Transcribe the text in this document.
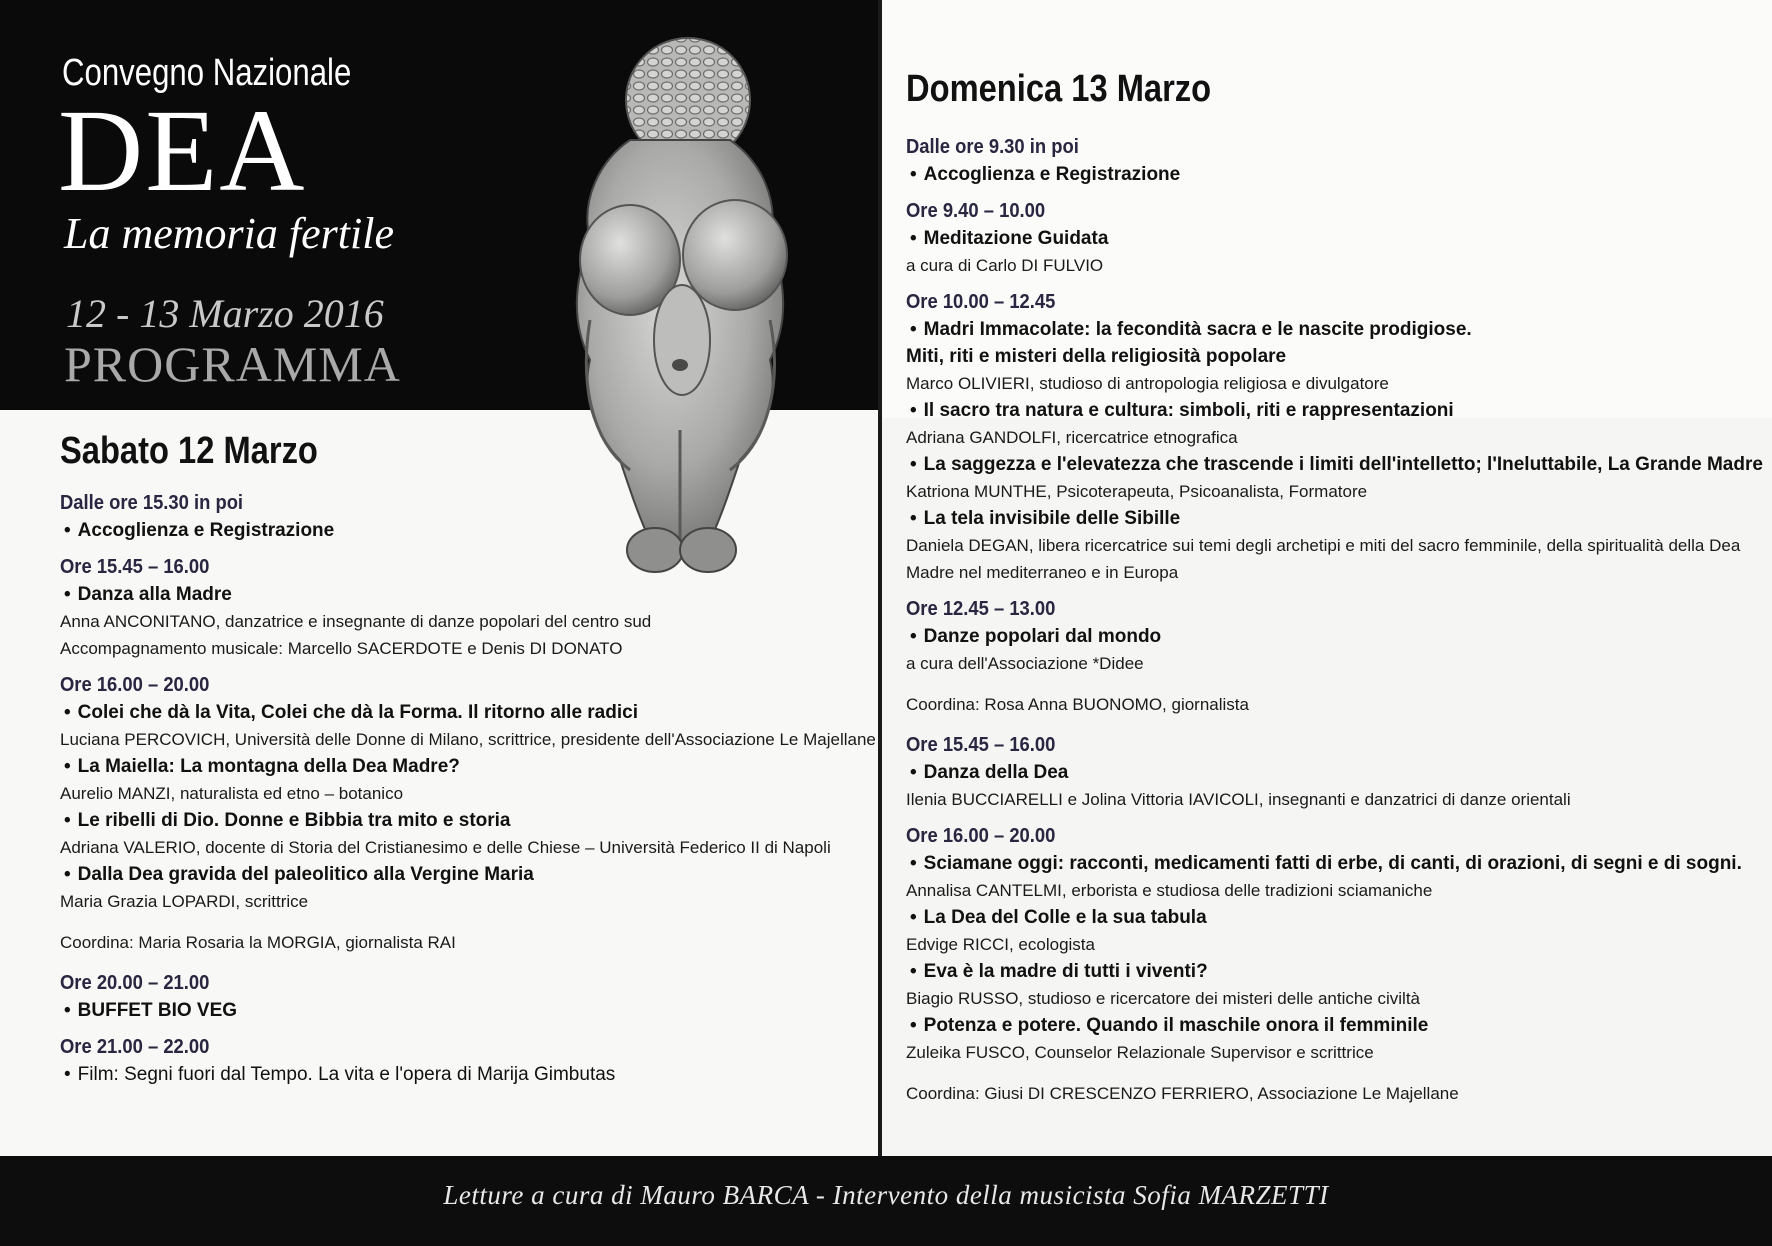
Convegno Nazionale
DEA
La memoria fertile
12 - 13 Marzo 2016
PROGRAMMA
Sabato 12 Marzo
Dalle ore 15.30 in poi
• Accoglienza e Registrazione
Ore 15.45 – 16.00
• Danza alla Madre
Anna ANCONITANO, danzatrice e insegnante di danze popolari del centro sud
Accompagnamento musicale: Marcello SACERDOTE e Denis DI DONATO
Ore 16.00 – 20.00
• Colei che dà la Vita, Colei che dà la Forma. Il ritorno alle radici
Luciana PERCOVICH, Università delle Donne di Milano, scrittrice, presidente dell'Associazione Le Majellane
• La Maiella: La montagna della Dea Madre?
Aurelio MANZI, naturalista ed etno – botanico
• Le ribelli di Dio. Donne e Bibbia tra mito e storia
Adriana VALERIO, docente di Storia del Cristianesimo e delle Chiese – Università Federico II di Napoli
• Dalla Dea gravida del paleolitico alla Vergine Maria
Maria Grazia LOPARDI, scrittrice
Coordina: Maria Rosaria la MORGIA, giornalista RAI
Ore 20.00 – 21.00
• BUFFET BIO VEG
Ore 21.00 – 22.00
• Film: Segni fuori dal Tempo. La vita e l'opera di Marija Gimbutas
Domenica 13 Marzo
Dalle ore 9.30 in poi
• Accoglienza e Registrazione
Ore 9.40 – 10.00
• Meditazione Guidata
a cura di Carlo DI FULVIO
Ore 10.00 – 12.45
• Madri Immacolate: la fecondità sacra e le nascite prodigiose.
Miti, riti e misteri della religiosità popolare
Marco OLIVIERI, studioso di antropologia religiosa e divulgatore
• Il sacro tra natura e cultura: simboli, riti e rappresentazioni
Adriana GANDOLFI, ricercatrice etnografica
• La saggezza e l'elevatezza che trascende i limiti dell'intelletto; l'Ineluttabile, La Grande Madre
Katriona MUNTHE, Psicoterapeuta, Psicoanalista, Formatore
• La tela invisibile delle Sibille
Daniela DEGAN, libera ricercatrice sui temi degli archetipi e miti del sacro femminile, della spiritualità della Dea
Madre nel mediterraneo e in Europa
Ore 12.45 – 13.00
• Danze popolari dal mondo
a cura dell'Associazione *Didee
Coordina: Rosa Anna BUONOMO, giornalista
Ore 15.45 – 16.00
• Danza della Dea
Ilenia BUCCIARELLI e Jolina Vittoria IAVICOLI, insegnanti e danzatrici di danze orientali
Ore 16.00 – 20.00
• Sciamane oggi: racconti, medicamenti fatti di erbe, di canti, di orazioni, di segni e di sogni.
Annalisa CANTELMI, erborista e studiosa delle tradizioni sciamaniche
• La Dea del Colle e la sua tabula
Edvige RICCI, ecologista
• Eva è la madre di tutti i viventi?
Biagio RUSSO, studioso e ricercatore dei misteri delle antiche civiltà
• Potenza e potere. Quando il maschile onora il femminile
Zuleika FUSCO, Counselor Relazionale Supervisor e scrittrice
Coordina: Giusi DI CRESCENZO FERRIERO, Associazione Le Majellane
Letture a cura di Mauro BARCA - Intervento della musicista Sofia MARZETTI
